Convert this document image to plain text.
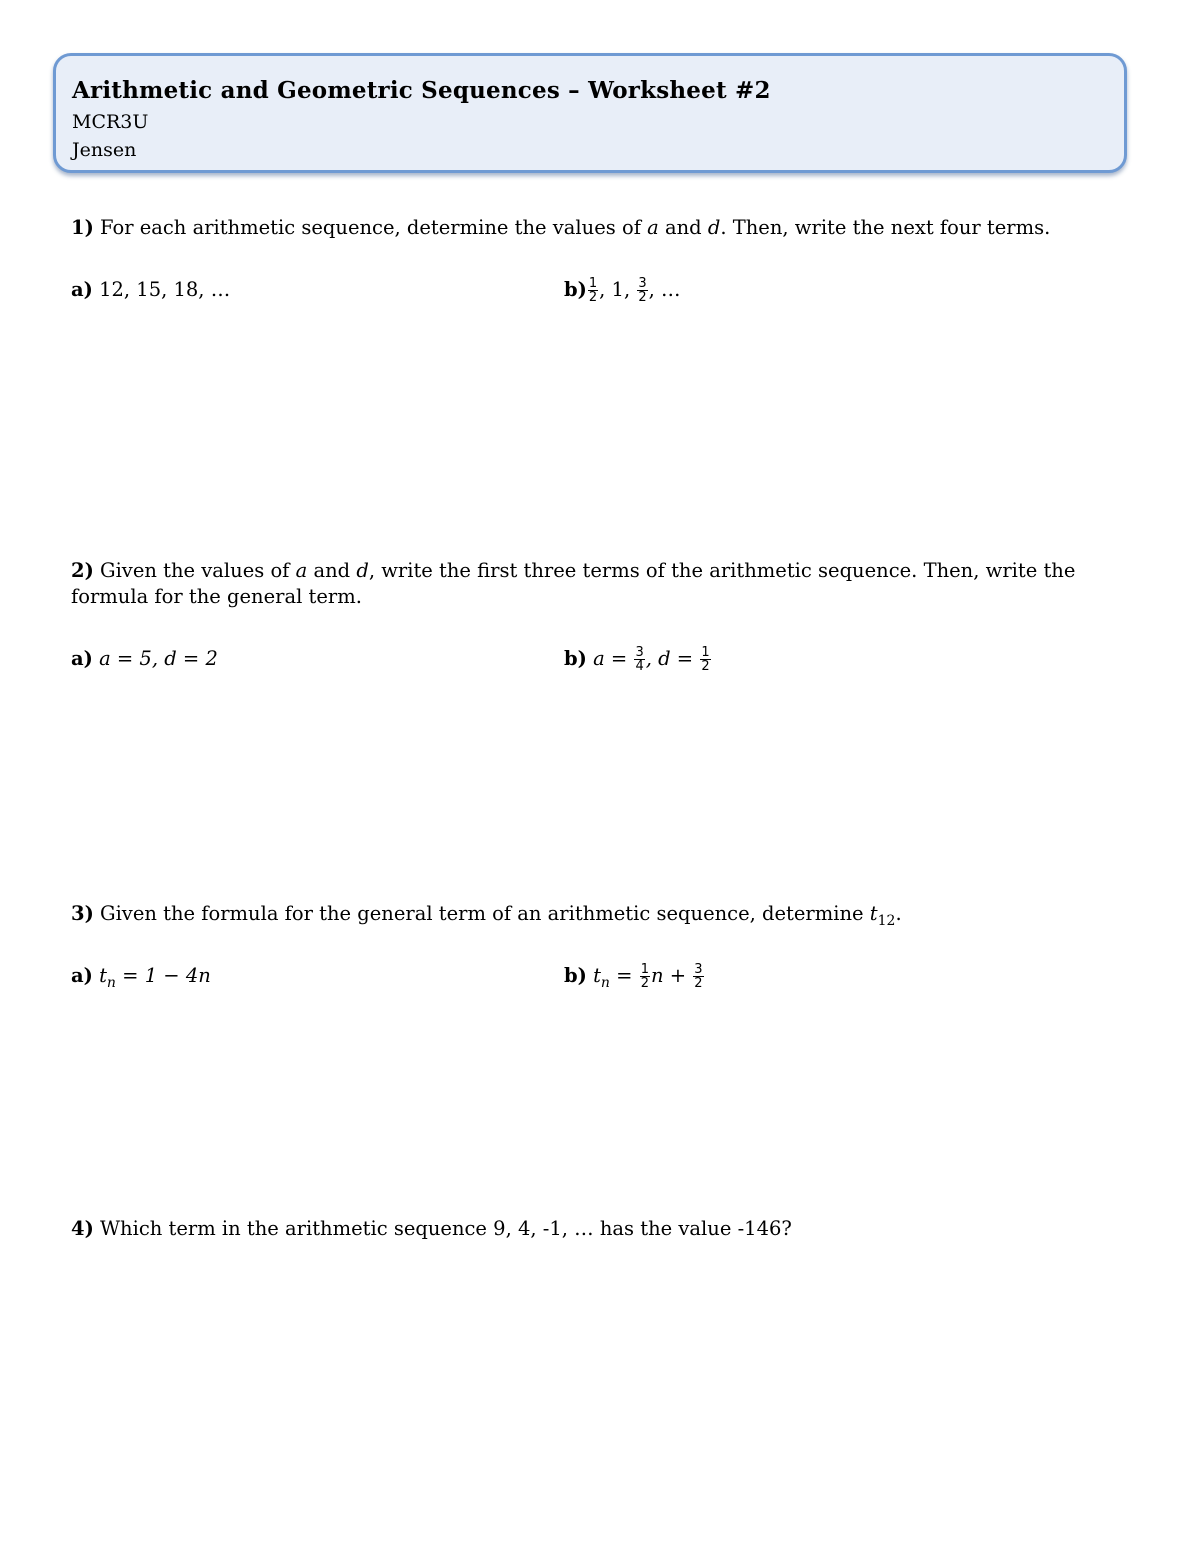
Arithmetic and Geometric Sequences – Worksheet #2
MCR3U
Jensen
1) For each arithmetic sequence, determine the values of a and d. Then, write the next four terms.
a) 12, 15, 18, …	$b) \frac{1}{2}$ , 1, $\frac{3}{2}$ , …
2) Given the values of a and d, write the first three terms of the arithmetic sequence. Then, write the formula for the general term.
a) a = 5, d = 2	b) $a = \frac{3}{4}$ , $d = \frac{1}{2}$
3) Given the formula for the general term of an arithmetic sequence, determine $t_{12}$.
a) $t_n = 1 - 4n$	b) $t_n = \frac{1}{2}$ $n + \frac{3}{2}$
4) Which term in the arithmetic sequence 9, 4, -1, … has the value -146?
